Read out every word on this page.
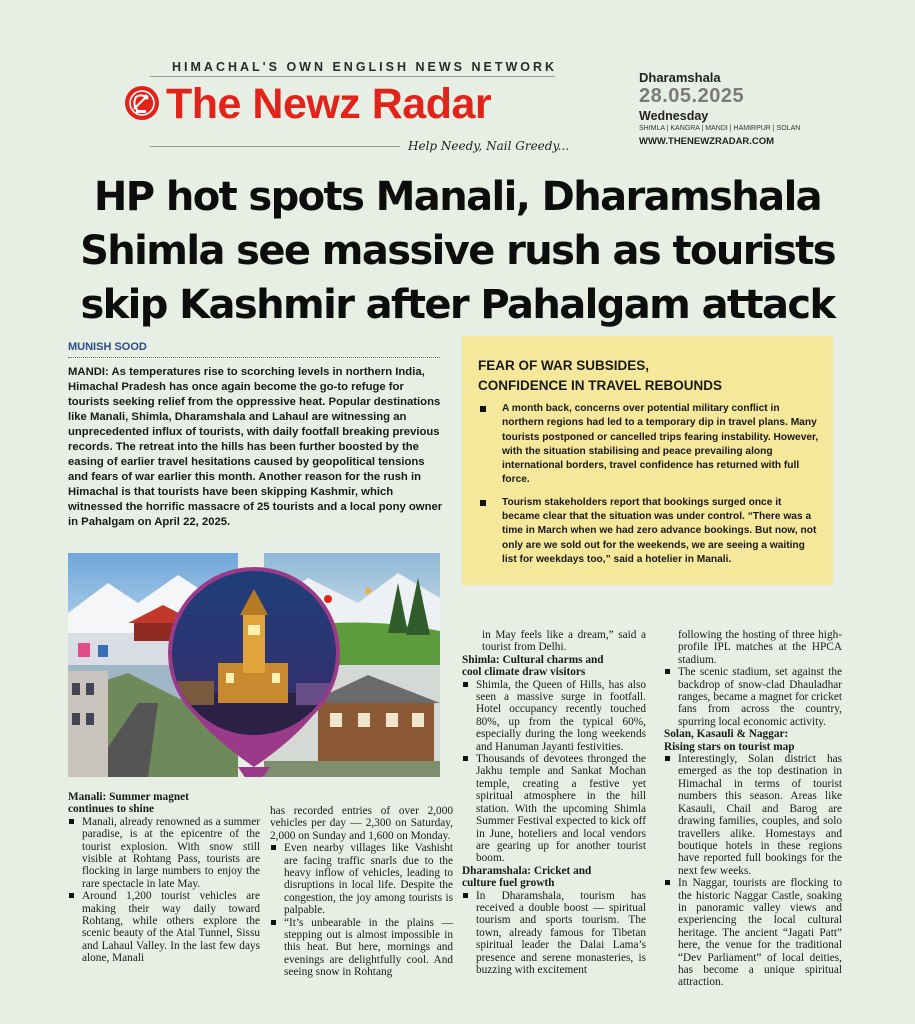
HIMACHAL'S OWN ENGLISH NEWS NETWORK
The Newz Radar
Help Needy, Nail Greedy...
Dharamshala
28.05.2025
Wednesday
SHIMLA | KANGRA | MANDI | HAMIRPUR | SOLAN
WWW.THENEWZRADAR.COM
HP hot spots Manali, Dharamshala
Shimla see massive rush as tourists
skip Kashmir after Pahalgam attack
MUNISH SOOD
MANDI: As temperatures rise to scorching levels in northern India, Himachal Pradesh has once again become the go-to refuge for tourists seeking relief from the oppressive heat. Popular destinations like Manali, Shimla, Dharamshala and Lahaul are witnessing an unprecedented influx of tourists, with daily footfall breaking previous records. The retreat into the hills has been further boosted by the easing of earlier travel hesitations caused by geopolitical tensions and fears of war earlier this month. Another reason for the rush in Himachal is that tourists have been skipping Kashmir, which witnessed the horrific massacre of 25 tourists and a local pony owner in Pahalgam on April 22, 2025.
FEAR OF WAR SUBSIDES,
CONFIDENCE IN TRAVEL REBOUNDS
A month back, concerns over potential military conflict in northern regions had led to a temporary dip in travel plans. Many tourists postponed or cancelled trips fearing instability. However, with the situation stabilising and peace prevailing along international borders, travel confidence has returned with full force.
Tourism stakeholders report that bookings surged once it became clear that the situation was under control. “There was a time in March when we had zero advance bookings. But now, not only are we sold out for the weekends, we are seeing a waiting list for weekdays too,” said a hotelier in Manali.
Manali: Summer magnet
continues to shine
Manali, already renowned as a summer paradise, is at the epicentre of the tourist explosion. With snow still visible at Rohtang Pass, tourists are flocking in large numbers to enjoy the rare spectacle in late May.
Around 1,200 tourist vehicles are making their way daily toward Rohtang, while others explore the scenic beauty of the Atal Tunnel, Sissu and Lahaul Valley. In the last few days alone, Manali
has recorded entries of over 2,000 vehicles per day — 2,300 on Saturday, 2,000 on Sunday and 1,600 on Monday.
Even nearby villages like Vashisht are facing traffic snarls due to the heavy inflow of vehicles, leading to disruptions in local life. Despite the congestion, the joy among tourists is palpable.
“It’s unbearable in the plains — stepping out is almost impossible in this heat. But here, mornings and evenings are delightfully cool. And seeing snow in Rohtang
in May feels like a dream,” said a tourist from Delhi.
Shimla: Cultural charms and
cool climate draw visitors
Shimla, the Queen of Hills, has also seen a massive surge in footfall. Hotel occupancy recently touched 80%, up from the typical 60%, especially during the long weekends and Hanuman Jayanti festivities.
Thousands of devotees thronged the Jakhu temple and Sankat Mochan temple, creating a festive yet spiritual atmosphere in the hill station. With the upcoming Shimla Summer Festival expected to kick off in June, hoteliers and local vendors are gearing up for another tourist boom.
Dharamshala: Cricket and
culture fuel growth
In Dharamshala, tourism has received a double boost — spiritual tourism and sports tourism. The town, already famous for Tibetan spiritual leader the Dalai Lama’s presence and serene monasteries, is buzzing with excitement
following the hosting of three high-profile IPL matches at the HPCA stadium.
The scenic stadium, set against the backdrop of snow-clad Dhauladhar ranges, became a magnet for cricket fans from across the country, spurring local economic activity.
Solan, Kasauli & Naggar:
Rising stars on tourist map
Interestingly, Solan district has emerged as the top destination in Himachal in terms of tourist numbers this season. Areas like Kasauli, Chail and Barog are drawing families, couples, and solo travellers alike. Homestays and boutique hotels in these regions have reported full bookings for the next few weeks.
In Naggar, tourists are flocking to the historic Naggar Castle, soaking in panoramic valley views and experiencing the local cultural heritage. The ancient “Jagati Patt” here, the venue for the traditional “Dev Parliament” of local deities, has become a unique spiritual attraction.
